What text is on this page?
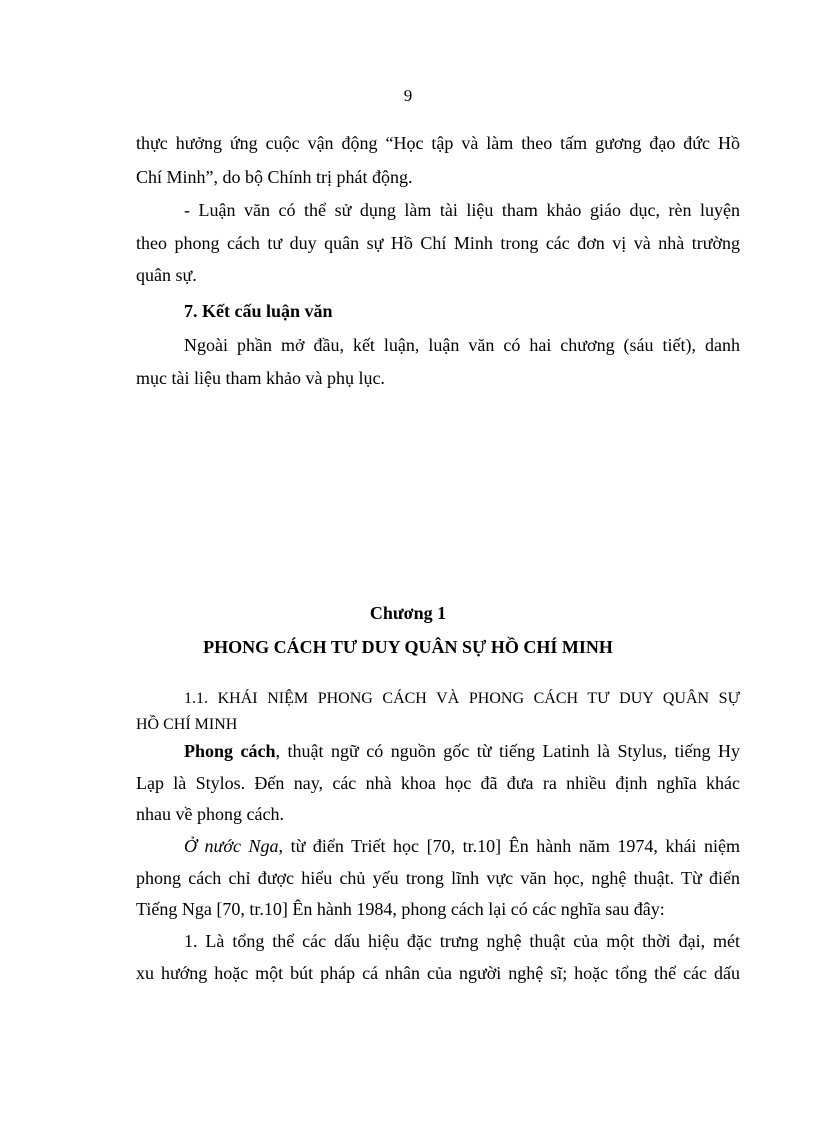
9
thực hưởng ứng cuộc vận động “Học tập và làm theo tấm gương đạo đức Hồ
Chí Minh”, do bộ Chính trị phát động.
- Luận văn có thể sử dụng làm tài liệu tham khảo giáo dục, rèn luyện
theo phong cách tư duy quân sự Hồ Chí Minh trong các đơn vị và nhà trường
quân sự.
7. Kết cấu luận văn
Ngoài phần mở đầu, kết luận, luận văn có hai chương (sáu tiết), danh
mục tài liệu tham khảo và phụ lục.
Chương 1
PHONG CÁCH TƯ DUY QUÂN SỰ HỒ CHÍ MINH
1.1. KHÁI NIỆM PHONG CÁCH VÀ PHONG CÁCH TƯ DUY QUÂN SỰ
HỒ CHÍ MINH
Phong cách, thuật ngữ có nguồn gốc từ tiếng Latinh là Stylus, tiếng Hy
Lạp là Stylos. Đến nay, các nhà khoa học đã đưa ra nhiều định nghĩa khác
nhau về phong cách.
Ở nước Nga, từ điển Triết học [70, tr.10] Ên hành năm 1974, khái niệm
phong cách chỉ được hiểu chủ yếu trong lĩnh vực văn học, nghệ thuật. Từ điển
Tiếng Nga [70, tr.10] Ên hành 1984, phong cách lại có các nghĩa sau đây:
1. Là tổng thể các dấu hiệu đặc trưng nghệ thuật của một thời đại, mét
xu hướng hoặc một bút pháp cá nhân của người nghệ sĩ; hoặc tổng thể các dấu
